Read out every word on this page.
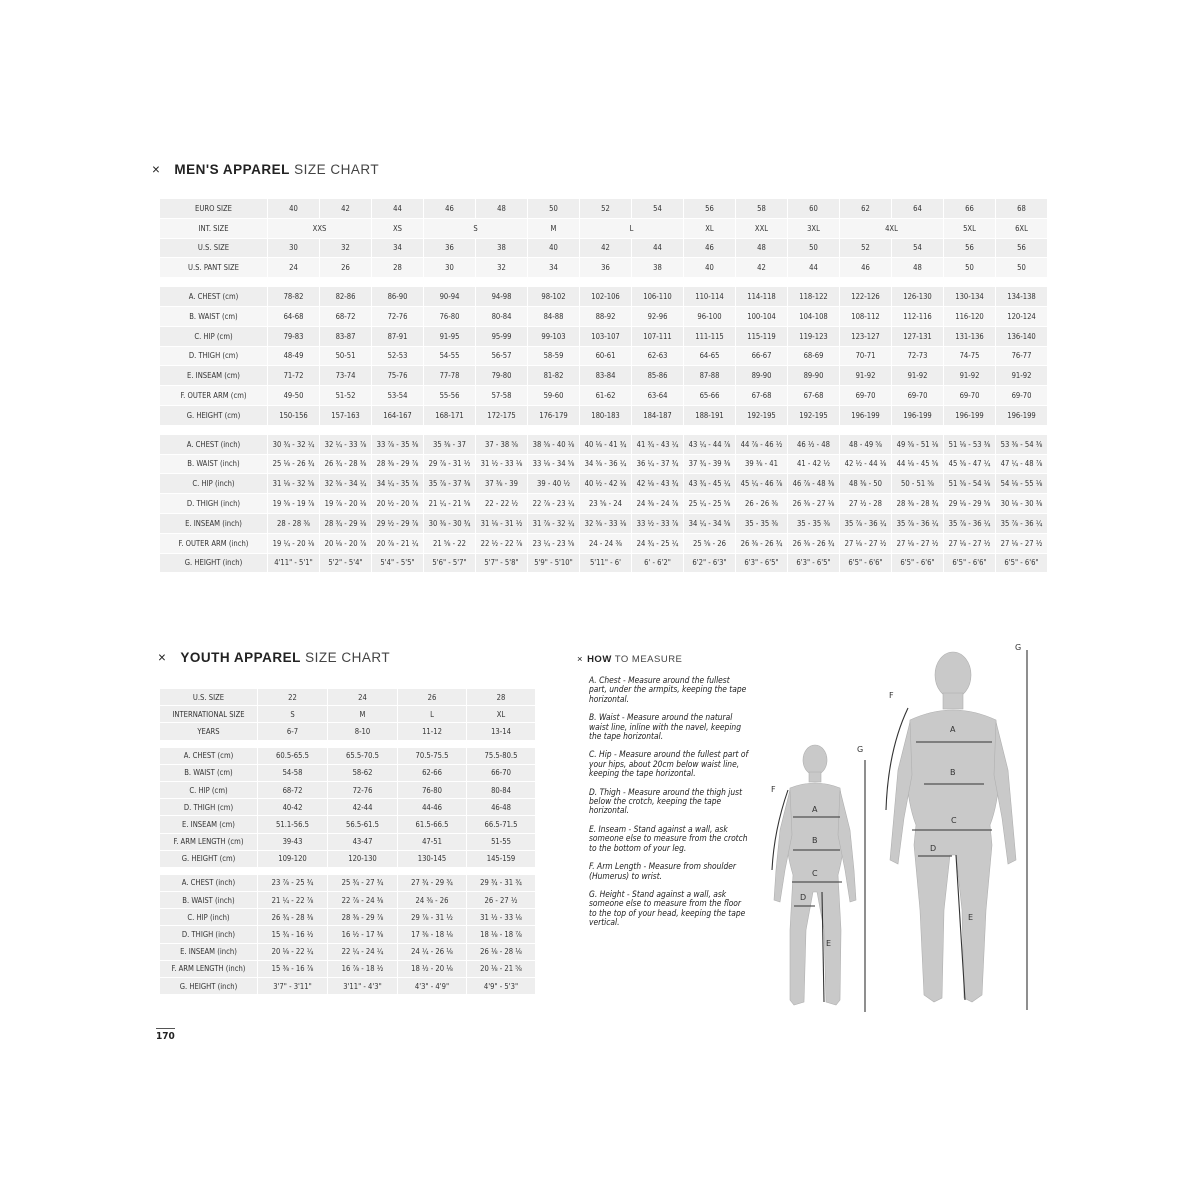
× MEN'S APPAREL SIZE CHART
EURO SIZE	40	42	44	46	48	50	52	54	56	58	60	62	64	66	68
INT. SIZE	XXS		XS	S		M	L		XL	XXL	3XL	4XL		5XL	6XL
U.S. SIZE	30	32	34	36	38	40	42	44	46	48	50	52	54	56	56
U.S. PANT SIZE	24	26	28	30	32	34	36	38	40	42	44	46	48	50	50

A. CHEST (cm)	78-82	82-86	86-90	90-94	94-98	98-102	102-106	106-110	110-114	114-118	118-122	122-126	126-130	130-134	134-138
B. WAIST (cm)	64-68	68-72	72-76	76-80	80-84	84-88	88-92	92-96	96-100	100-104	104-108	108-112	112-116	116-120	120-124
C. HIP (cm)	79-83	83-87	87-91	91-95	95-99	99-103	103-107	107-111	111-115	115-119	119-123	123-127	127-131	131-136	136-140
D. THIGH (cm)	48-49	50-51	52-53	54-55	56-57	58-59	60-61	62-63	64-65	66-67	68-69	70-71	72-73	74-75	76-77
E. INSEAM (cm)	71-72	73-74	75-76	77-78	79-80	81-82	83-84	85-86	87-88	89-90	89-90	91-92	91-92	91-92	91-92
F. OUTER ARM (cm)	49-50	51-52	53-54	55-56	57-58	59-60	61-62	63-64	65-66	67-68	67-68	69-70	69-70	69-70	69-70
G. HEIGHT (cm)	150-156	157-163	164-167	168-171	172-175	176-179	180-183	184-187	188-191	192-195	192-195	196-199	196-199	196-199	196-199

A. CHEST (inch)	30 ¾ - 32 ¼	32 ¼ - 33 ⅞	33 ⅞ - 35 ⅜	35 ⅜ - 37	37 - 38 ⅝	38 ⅝ - 40 ⅛	40 ⅛ - 41 ¾	41 ¾ - 43 ¼	43 ¼ - 44 ⅞	44 ⅞ - 46 ½	46 ½ - 48	48 - 49 ⅝	49 ⅝ - 51 ⅛	51 ⅛ - 53 ⅜	53 ⅜ - 54 ⅜
B. WAIST (inch)	25 ⅛ - 26 ¾	26 ¾ - 28 ⅜	28 ⅜ - 29 ⅞	29 ⅞ - 31 ½	31 ½ - 33 ⅛	33 ⅛ - 34 ⅝	34 ⅝ - 36 ¼	36 ¼ - 37 ¾	37 ¾ - 39 ⅜	39 ⅜ - 41	41 - 42 ½	42 ½ - 44 ⅛	44 ⅛ - 45 ⅝	45 ⅝ - 47 ¼	47 ¼ - 48 ⅞
C. HIP (inch)	31 ⅛ - 32 ⅝	32 ⅝ - 34 ¼	34 ¼ - 35 ⅞	35 ⅞ - 37 ⅜	37 ⅜ - 39	39 - 40 ½	40 ½ - 42 ⅛	42 ⅛ - 43 ¾	43 ¾ - 45 ¼	45 ¼ - 46 ⅞	46 ⅞ - 48 ⅜	48 ⅜ - 50	50 - 51 ⅝	51 ⅝ - 54 ⅛	54 ⅛ - 55 ⅛
D. THIGH (inch)	19 ⅝ - 19 ⅞	19 ⅞ - 20 ⅛	20 ½ - 20 ⅞	21 ¼ - 21 ⅝	22 - 22 ½	22 ⅞ - 23 ¼	23 ⅝ - 24	24 ⅜ - 24 ⅞	25 ¼ - 25 ⅝	26 - 26 ⅜	26 ⅜ - 27 ⅛	27 ½ - 28	28 ⅜ - 28 ¾	29 ⅛ - 29 ⅝	30 ⅛ - 30 ⅜
E. INSEAM (inch)	28 - 28 ⅜	28 ¾ - 29 ⅛	29 ½ - 29 ⅞	30 ⅜ - 30 ¾	31 ⅛ - 31 ½	31 ⅞ - 32 ¼	32 ⅝ - 33 ⅛	33 ½ - 33 ⅞	34 ¼ - 34 ⅝	35 - 35 ⅜	35 - 35 ⅜	35 ⅞ - 36 ¼	35 ⅞ - 36 ¼	35 ⅞ - 36 ¼	35 ⅞ - 36 ¼
F. OUTER ARM (inch)	19 ¼ - 20 ⅛	20 ⅛ - 20 ⅞	20 ⅞ - 21 ¼	21 ⅝ - 22	22 ½ - 22 ⅞	23 ¼ - 23 ⅝	24 - 24 ⅜	24 ¾ - 25 ¼	25 ⅝ - 26	26 ⅜ - 26 ¾	26 ⅜ - 26 ¾	27 ⅛ - 27 ½	27 ⅛ - 27 ½	27 ⅛ - 27 ½	27 ⅛ - 27 ½
G. HEIGHT (inch)	4'11" - 5'1"	5'2" - 5'4"	5'4" - 5'5"	5'6" - 5'7"	5'7" - 5'8"	5'9" - 5'10"	5'11" - 6'	6' - 6'2"	6'2" - 6'3"	6'3" - 6'5"	6'3" - 6'5"	6'5" - 6'6"	6'5" - 6'6"	6'5" - 6'6"	6'5" - 6'6"
× YOUTH APPAREL SIZE CHART
U.S. SIZE	22	24	26	28
INTERNATIONAL SIZE	S	M	L	XL
YEARS	6-7	8-10	11-12	13-14

A. CHEST (cm)	60.5-65.5	65.5-70.5	70.5-75.5	75.5-80.5
B. WAIST (cm)	54-58	58-62	62-66	66-70
C. HIP (cm)	68-72	72-76	76-80	80-84
D. THIGH (cm)	40-42	42-44	44-46	46-48
E. INSEAM (cm)	51.1-56.5	56.5-61.5	61.5-66.5	66.5-71.5
F. ARM LENGTH (cm)	39-43	43-47	47-51	51-55
G. HEIGHT (cm)	109-120	120-130	130-145	145-159

A. CHEST (inch)	23 ⅞ - 25 ¾	25 ¾ - 27 ¾	27 ¾ - 29 ¾	29 ¾ - 31 ¾
B. WAIST (inch)	21 ¼ - 22 ⅞	22 ⅞ - 24 ⅜	24 ⅜ - 26	26 - 27 ½
C. HIP (inch)	26 ¾ - 28 ⅜	28 ⅜ - 29 ⅞	29 ⅞ - 31 ½	31 ½ - 33 ⅛
D. THIGH (inch)	15 ¾ - 16 ½	16 ½ - 17 ⅜	17 ⅜ - 18 ⅛	18 ⅛ - 18 ⅞
E. INSEAM (inch)	20 ⅛ - 22 ¼	22 ¼ - 24 ¼	24 ¼ - 26 ⅛	26 ⅛ - 28 ⅛
F. ARM LENGTH (inch)	15 ⅜ - 16 ⅞	16 ⅞ - 18 ½	18 ½ - 20 ⅛	20 ⅛ - 21 ⅝
G. HEIGHT (inch)	3'7" - 3'11"	3'11" - 4'3"	4'3" - 4'9"	4'9" - 5'3"
× HOW TO MEASURE

A. Chest - Measure around the fullest part, under the armpits, keeping the tape horizontal.

B. Waist - Measure around the natural waist line, inline with the navel, keeping the tape horizontal.

C. Hip - Measure around the fullest part of your hips, about 20cm below waist line, keeping the tape horizontal.

D. Thigh - Measure around the thigh just below the crotch, keeping the tape horizontal.

E. Inseam - Stand against a wall, ask someone else to measure from the crotch to the bottom of your leg.

F. Arm Length - Measure from shoulder (Humerus) to wrist.

G. Height - Stand against a wall, ask someone else to measure from the floor to the top of your head, keeping the tape vertical.

A
B
C
D
E
F
G
A
B
C
D
E
F
G
170
